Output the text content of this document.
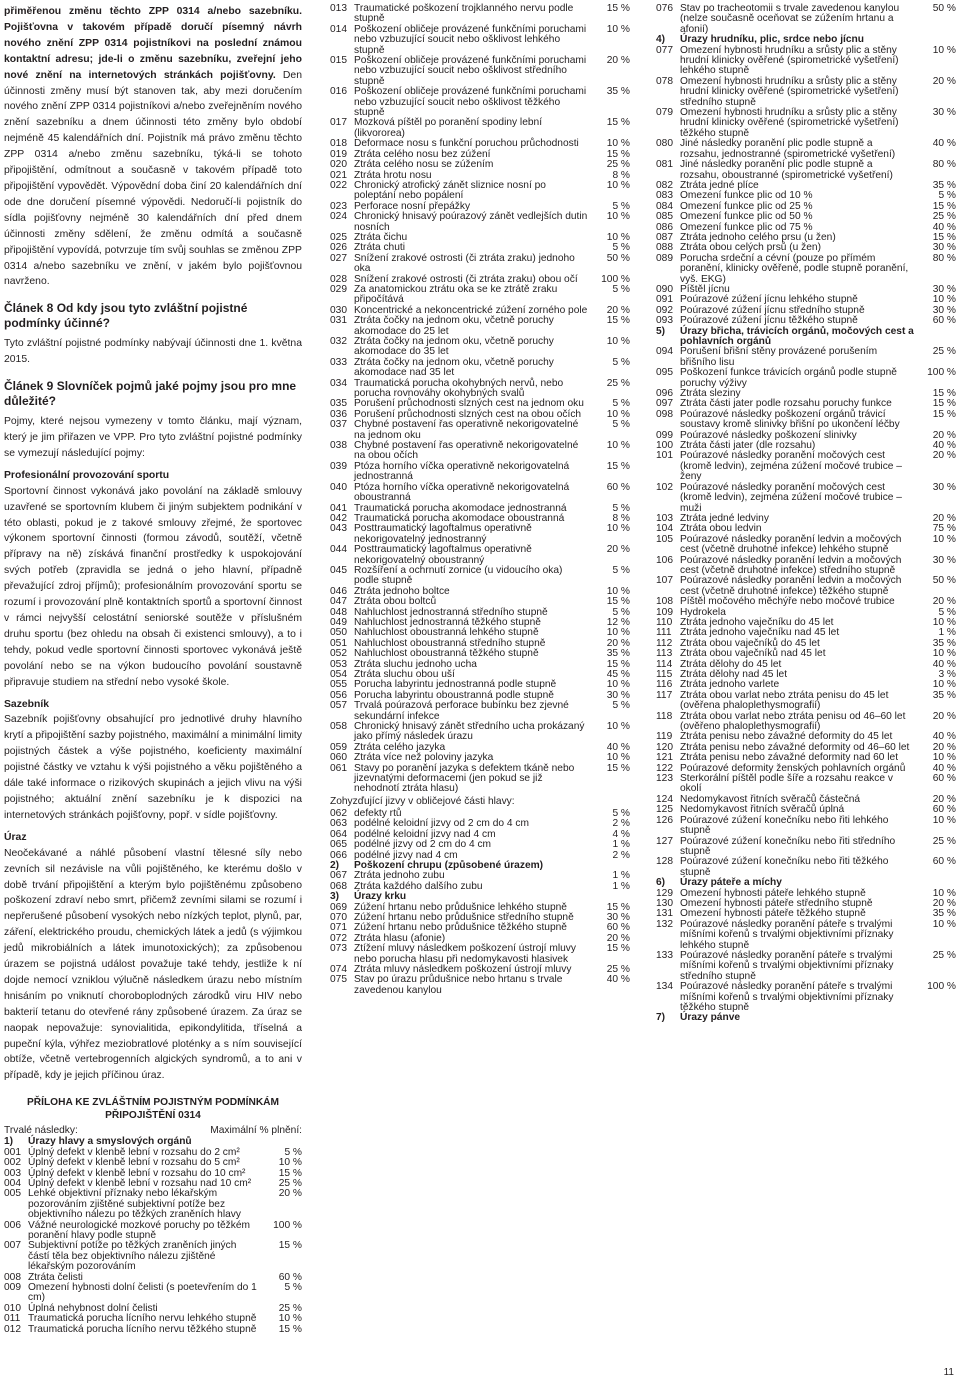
přiměřenou změnu těchto ZPP 0314 a/nebo sazebníku. Pojišťovna v takovém případě doručí písemný návrh nového znění ZPP 0314 pojistníkovi na poslední známou kontaktní adresu; jde-li o změnu sazebníku, zveřejní jeho nové znění na internetových stránkách pojišťovny. Den účinnosti změny musí být stanoven tak, aby mezi doručením nového znění ZPP 0314 pojistníkovi a/nebo zveřejněním nového znění sazebníku a dnem účinnosti této změny bylo období nejméně 45 kalendářních dní. Pojistník má právo změnu těchto ZPP 0314 a/nebo změnu sazebníku, týká-li se tohoto připojištění, odmítnout a současně v takovém případě toto připojištění vypovědět. Výpovědní doba činí 20 kalendářních dní ode dne doručení písemné výpovědi. Nedoručí-li pojistník do sídla pojišťovny nejméně 30 kalendářních dní před dnem účinnosti změny sdělení, že změnu odmítá a současně připojištění vypovídá, potvrzuje tím svůj souhlas se změnou ZPP 0314 a/nebo sazebníku ve znění, v jakém bylo pojišťovnou navrženo.

Článek 8 Od kdy jsou tyto zvláštní pojistné podmínky účinné?

Tyto zvláštní pojistné podmínky nabývají účinnosti dne 1. května 2015.

Článek 9 Slovníček pojmů jaké pojmy jsou pro mne důležité?

Pojmy, které nejsou vymezeny v tomto článku, mají význam, který je jim přiřazen ve VPP. Pro tyto zvláštní pojistné podmínky se vymezují následující pojmy:

Profesionální provozování sportu

Sportovní činnost vykonává jako povolání na základě smlouvy uzavřené se sportovním klubem či jiným subjektem podnikání v této oblasti, pokud je z takové smlouvy zřejmé, že sportovec výkonem sportovní činnosti (formou závodů, soutěží, včetně přípravy na ně) získává finanční prostředky k uspokojování svých potřeb (zpravidla se jedná o jeho hlavní, případně převažující zdroj příjmů); profesionálním provozování sportu se rozumí i provozování plně kontaktních sportů a sportovní činnost v rámci nejvyšší celostátní seniorské soutěže v příslušném druhu sportu (bez ohledu na obsah či existenci smlouvy), a to i tehdy, pokud vedle sportovní činnosti sportovec vykonává ještě povolání nebo se na výkon budoucího povolání soustavně připravuje studiem na střední nebo vysoké škole.

Sazebník

Sazebník pojišťovny obsahující pro jednotlivé druhy hlavního krytí a připojištění sazby pojistného, maximální a minimální limity pojistných částek a výše pojistného, koeficienty maximální pojistné částky ve vztahu k výši pojistného a věku pojištěného a dále také informace o rizikových skupinách a jejich vlivu na výši pojistného; aktuální znění sazebníku je k dispozici na internetových stránkách pojišťovny, popř. v sídle pojišťovny.

Úraz

Neočekávané a náhlé působení vlastní tělesné síly nebo zevních sil nezávisle na vůli pojištěného, ke kterému došlo v době trvání připojištění a kterým bylo pojištěnému způsobeno poškození zdraví nebo smrt, přičemž zevními silami se rozumí i nepřerušené působení vysokých nebo nízkých teplot, plynů, par, záření, elektrického proudu, chemických látek a jedů (s výjimkou jedů mikrobiálních a látek imunotoxických); za způsobenou úrazem se pojistná událost považuje také tehdy, jestliže k ní dojde nemocí vzniklou výlučně následkem úrazu nebo místním hnisáním po vniknutí choroboplodných zárodků viru HIV nebo bakterií tetanu do otevřené rány způsobené úrazem. Za úraz se naopak nepovažuje: synovialitida, epikondylitida, tříselná a pupeční kýla, výhřez meziobratlové ploténky a s ním související obtíže, včetně vertebrogenních algických syndromů, a to ani v případě, kdy je jejich příčinou úraz.

PŘÍLOHA KE ZVLÁŠTNÍM POJISTNÝM PODMÍNKÁM PŘIPOJIŠTĚNÍ 0314
Trvalé následky:	Maximální % plnění:
1)	Úrazy hlavy a smyslových orgánů
001 Úplný defekt v klenbě lební v rozsahu do 2 cm²	5 %
002 Úplný defekt v klenbě lební v rozsahu do 5 cm²	10 %
003 Úplný defekt v klenbě lební v rozsahu do 10 cm²	15 %
004 Úplný defekt v klenbě lební v rozsahu nad 10 cm²	25 %
005 Lehké objektivní příznaky nebo lékařským pozorováním zjištěné subjektivní potíže bez objektivního nálezu po těžkých zraněních hlavy
20 %
006 Vážné neurologické mozkové poruchy po těžkém poranění hlavy podle stupně
100 %
007 Subjektivní potíže po těžkých zraněních jiných částí těla bez objektivního nálezu zjištěné lékařským pozorováním
15 %
008 Ztráta čelisti	60 %
009 Omezení hybnosti dolní čelisti (s poetevřením do 1 cm)
5 %
010 Úplná nehybnost dolní čelisti	25 %
011 Traumatická porucha lícního nervu lehkého stupně	10 %
012 Traumatická porucha lícního nervu těžkého stupně	15 %
013 Traumatické poškození trojklanného nervu podle stupně
15 %
014 Poškození obličeje provázené funkčními poruchami nebo vzbuzující soucit nebo ošklivost lehkého stupně
10 %
015 Poškození obličeje provázené funkčními poruchami nebo vzbuzující soucit nebo ošklivost středního stupně
20 %
016 Poškození obličeje provázené funkčními poruchami nebo vzbuzující soucit nebo ošklivost těžkého stupně
35 %
017 Mozková píštěl po poranění spodiny lební (likvororea)
15 %
018 Deformace nosu s funkční poruchou průchodnosti	10 %
019 Ztráta celého nosu bez zúžení	15 %
020 Ztráta celého nosu se zúžením	25 %
021 Ztráta hrotu nosu	8 %
022 Chronický atrofický zánět sliznice nosní po poleptání nebo popálení
10 %
023 Perforace nosní přepážky	5 %
024 Chronický hnisavý poúrazový zánět vedlejších dutin nosních
10 %
025 Ztráta čichu	10 %
026 Ztráta chuti	5 %
027 Snížení zrakové ostrosti (či ztráta zraku) jednoho oka
50 %
028 Snížení zrakové ostrosti (či ztráta zraku) obou očí	100 %
029 Za anatomickou ztrátu oka se ke ztrátě zraku připočítává
5 %
030 Koncentrické a nekoncentrické zúžení zorného pole	20 %
031 Ztráta čočky na jednom oku, včetně poruchy akomodace do 25 let
15 %
032 Ztráta čočky na jednom oku, včetně poruchy akomodace do 35 let
10 %
033 Ztráta čočky na jednom oku, včetně poruchy akomodace nad 35 let
5 %
034 Traumatická porucha okohybných nervů, nebo porucha rovnováhy okohybných svalů
25 %
035 Porušení průchodnosti slzných cest na jednom oku	5 %
036 Porušení průchodnosti slzných cest na obou očích	10 %
037 Chybné postavení řas operativně nekorigovatelné na jednom oku
5 %
038 Chybné postavení řas operativně nekorigovatelné na obou očích
10 %
039 Ptóza horního víčka operativně nekorigovatelná jednostranná
15 %
040 Ptóza horního víčka operativně nekorigovatelná oboustranná
60 %
041 Traumatická porucha akomodace jednostranná	5 %
042 Traumatická porucha akomodace oboustranná	8 %
043 Posttraumatický lagoftalmus operativně nekorigovatelný jednostranný
10 %
044 Posttraumatický lagoftalmus operativně nekorigovatelný oboustranný
20 %
045 Rozšíření a ochrnutí zornice (u vidoucího oka) podle stupně
5 %
046 Ztráta jednoho boltce	10 %
047 Ztráta obou boltců	15 %
048 Nahluchlost jednostranná středního stupně	5 %
049 Nahluchlost jednostranná těžkého stupně	12 %
050 Nahluchlost oboustranná lehkého stupně	10 %
051 Nahluchlost oboustranná středního stupně	20 %
052 Nahluchlost oboustranná těžkého stupně	35 %
053 Ztráta sluchu jednoho ucha	15 %
054 Ztráta sluchu obou uší	45 %
055 Porucha labyrintu jednostranná podle stupně	10 %
056 Porucha labyrintu oboustranná podle stupně	30 %
057 Trvalá poúrazová perforace bubínku bez zjevné sekundární infekce
5 %
058 Chronický hnisavý zánět středního ucha prokázaný jako přímý následek úrazu
10 %
059 Ztráta celého jazyka	40 %
060 Ztráta více než poloviny jazyka	10 %
061 Stavy po poranění jazyka s defektem tkáně nebo jizevnatými deformacemi (jen pokud se již nehodnotí ztráta hlasu)
15 %
Zohyzďující jizvy v obličejové části hlavy:
062 defekty rtů	5 %
063 podélné keloidní jizvy od 2 cm do 4 cm	2 %
064 podélné keloidní jizvy nad 4 cm	4 %
065 podélné jizvy od 2 cm do 4 cm	1 %
066 podélné jizvy nad 4 cm	2 %
2)	Poškození chrupu (způsobené úrazem)
067 Ztráta jednoho zubu	1 %
068 Ztráta každého dalšího zubu	1 %
3)	Úrazy krku
069 Zúžení hrtanu nebo průdušnice lehkého stupně	15 %
070 Zúžení hrtanu nebo průdušnice středního stupně	30 %
071 Zúžení hrtanu nebo průdušnice těžkého stupně	60 %
072 Ztráta hlasu (afonie)	20 %
073 Ztížení mluvy následkem poškození ústrojí mluvy nebo porucha hlasu při nedomykavosti hlasivek
15 %
074 Ztráta mluvy následkem poškození ústrojí mluvy	25 %
075 Stav po úrazu průdušnice nebo hrtanu s trvale zavedenou kanylou
40 %
076 Stav po tracheotomii s trvale zavedenou kanylou (nelze současně oceňovat se zúžením hrtanu a afonií)
50 %
4)	Úrazy hrudníku, plic, srdce nebo jícnu
077 Omezení hybnosti hrudníku a srůsty plic a stěny hrudní klinicky ověřené (spirometrické vyšetření) lehkého stupně
10 %
078 Omezení hybnosti hrudníku a srůsty plic a stěny hrudní klinicky ověřené (spirometrické vyšetření) středního stupně
20 %
079 Omezení hybnosti hrudníku a srůsty plic a stěny hrudní klinicky ověřené (spirometrické vyšetření) těžkého stupně
30 %
080 Jiné následky poranění plic podle stupně a rozsahu, jednostranné (spirometrické vyšetření)
40 %
081 Jiné následky poranění plic podle stupně a rozsahu, oboustranné (spirometrické vyšetření)
80 %
082 Ztráta jedné plíce	35 %
083 Omezení funkce plic od 10 %	5 %
084 Omezení funkce plic od 25 %	15 %
085 Omezení funkce plic od 50 %	25 %
086 Omezení funkce plic od 75 %	40 %
087 Ztráta jednoho celého prsu (u žen)	15 %
088 Ztráta obou celých prsů (u žen)	30 %
089 Porucha srdeční a cévní (pouze po přímém poranění, klinicky ověřené, podle stupně poranění, vyš. EKG)
80 %
090 Píštěl jícnu	30 %
091 Poúrazové zúžení jícnu lehkého stupně	10 %
092 Poúrazové zúžení jícnu středního stupně	30 %
093 Poúrazové zúžení jícnu těžkého stupně	60 %
5)	Úrazy břicha, trávicích orgánů, močových cest a pohlavních orgánů
094 Porušení břišní stěny provázené porušením břišního lisu
25 %
095 Poškození funkce trávicích orgánů podle stupně poruchy výživy
100 %
096 Ztráta sleziny	15 %
097 Ztráta části jater podle rozsahu poruchy funkce	15 %
098 Poúrazové následky poškození orgánů trávicí soustavy kromě slinivky břišní po ukončení léčby
15 %
099 Poúrazové následky poškození slinivky	20 %
100 Ztráta části jater (dle rozsahu)	40 %
101 Poúrazové následky poranění močových cest (kromě ledvin), zejména zúžení močové trubice – ženy
20 %
102 Poúrazové následky poranění močových cest (kromě ledvin), zejména zúžení močové trubice – muži
30 %
103 Ztráta jedné ledviny	20 %
104 Ztráta obou ledvin	75 %
105 Poúrazové následky poranění ledvin a močových cest (včetně druhotné infekce) lehkého stupně
10 %
106 Poúrazové následky poranění ledvin a močových cest (včetně druhotné infekce) středního stupně
30 %
107 Poúrazové následky poranění ledvin a močových cest (včetně druhotné infekce) těžkého stupně
50 %
108 Píštěl močového měchýře nebo močové trubice	20 %
109 Hydrokela	5 %
110 Ztráta jednoho vaječníku do 45 let	10 %
111 Ztráta jednoho vaječníku nad 45 let	1 %
112 Ztráta obou vaječníků do 45 let	35 %
113 Ztráta obou vaječníků nad 45 let	10 %
114 Ztráta dělohy do 45 let	40 %
115 Ztráta dělohy nad 45 let	3 %
116 Ztráta jednoho varlete	10 %
117 Ztráta obou varlat nebo ztráta penisu do 45 let (ověřena phaloplethysmografií)
35 %
118 Ztráta obou varlat nebo ztráta penisu od 46–60 let (ověřeno phaloplethysmografií)
20 %
119 Ztráta penisu nebo závažné deformity do 45 let	40 %
120 Ztráta penisu nebo závažné deformity od 46–60 let	20 %
121 Ztráta penisu nebo závažné deformity nad 60 let	10 %
122 Poúrazové deformity ženských pohlavních orgánů	40 %
123 Sterkorální píštěl podle šíře a rozsahu reakce v okolí
60 %
124 Nedomykavost řitních svěračů částečná	20 %
125 Nedomykavost řitních svěračů úplná	60 %
126 Poúrazové zúžení konečníku nebo řiti lehkého stupně
10 %
127 Poúrazové zúžení konečníku nebo řiti středního stupně
25 %
128 Poúrazové zúžení konečníku nebo řiti těžkého stupně
60 %
6)	Úrazy páteře a míchy
129 Omezení hybnosti páteře lehkého stupně	10 %
130 Omezení hybnosti páteře středního stupně	20 %
131 Omezení hybnosti páteře těžkého stupně	35 %
132 Poúrazové následky poranění páteře s trvalými míšními kořenů s trvalými objektivními příznaky lehkého stupně
10 %
133 Poúrazové následky poranění páteře s trvalými míšními kořenů s trvalými objektivními příznaky středního stupně
25 %
134 Poúrazové následky poranění páteře s trvalými míšními kořenů s trvalými objektivními příznaky těžkého stupně
100 %
7)	Úrazy pánve
11
